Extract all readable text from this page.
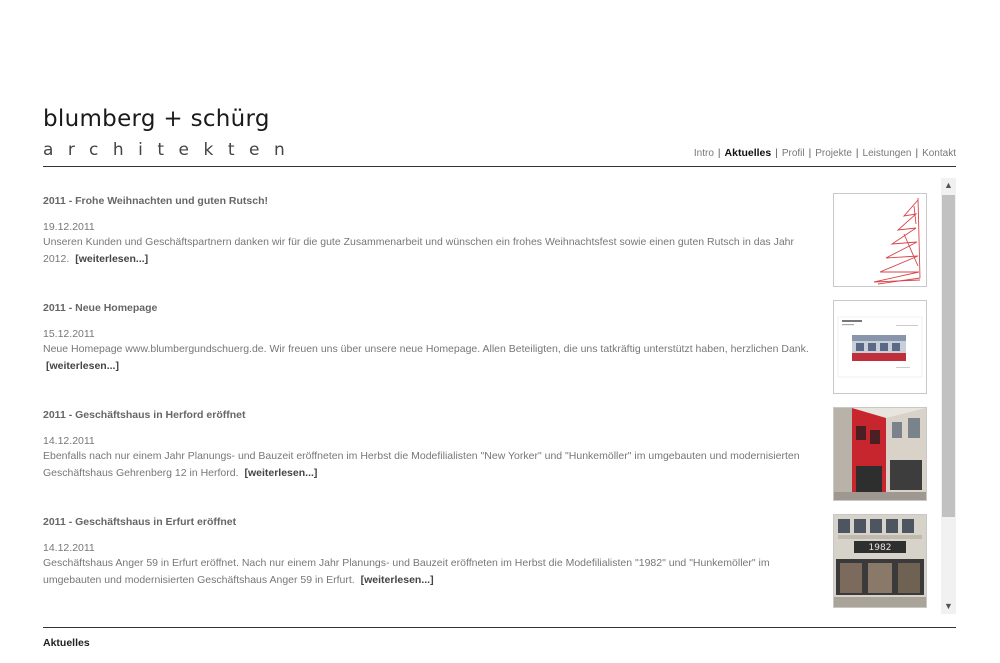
blumberg + schürg
architekten	Intro | Aktuelles | Profil | Projekte | Leistungen | Kontakt
2011 - Frohe Weihnachten und guten Rutsch!
19.12.2011
Unseren Kunden und Geschäftspartnern danken wir für die gute Zusammenarbeit und wünschen ein frohes Weihnachtsfest sowie einen guten Rutsch in das Jahr 2012. [weiterlesen...]
2011 - Neue Homepage
15.12.2011
Neue Homepage www.blumbergundschuerg.de. Wir freuen uns über unsere neue Homepage. Allen Beteiligten, die uns tatkräftig unterstützt haben, herzlichen Dank. [weiterlesen...]
2011 - Geschäftshaus in Herford eröffnet
14.12.2011
Ebenfalls nach nur einem Jahr Planungs- und Bauzeit eröffneten im Herbst die Modefilialisten "New Yorker" und "Hunkemöller" im umgebauten und modernisierten Geschäftshaus Gehrenberg 12 in Herford. [weiterlesen...]
2011 - Geschäftshaus in Erfurt eröffnet
14.12.2011
Geschäftshaus Anger 59 in Erfurt eröffnet. Nach nur einem Jahr Planungs- und Bauzeit eröffneten im Herbst die Modefilialisten "1982" und "Hunkemöller" im umgebauten und modernisierten Geschäftshaus Anger 59 in Erfurt. [weiterlesen...]
1982
▲
▼
Aktuelles
